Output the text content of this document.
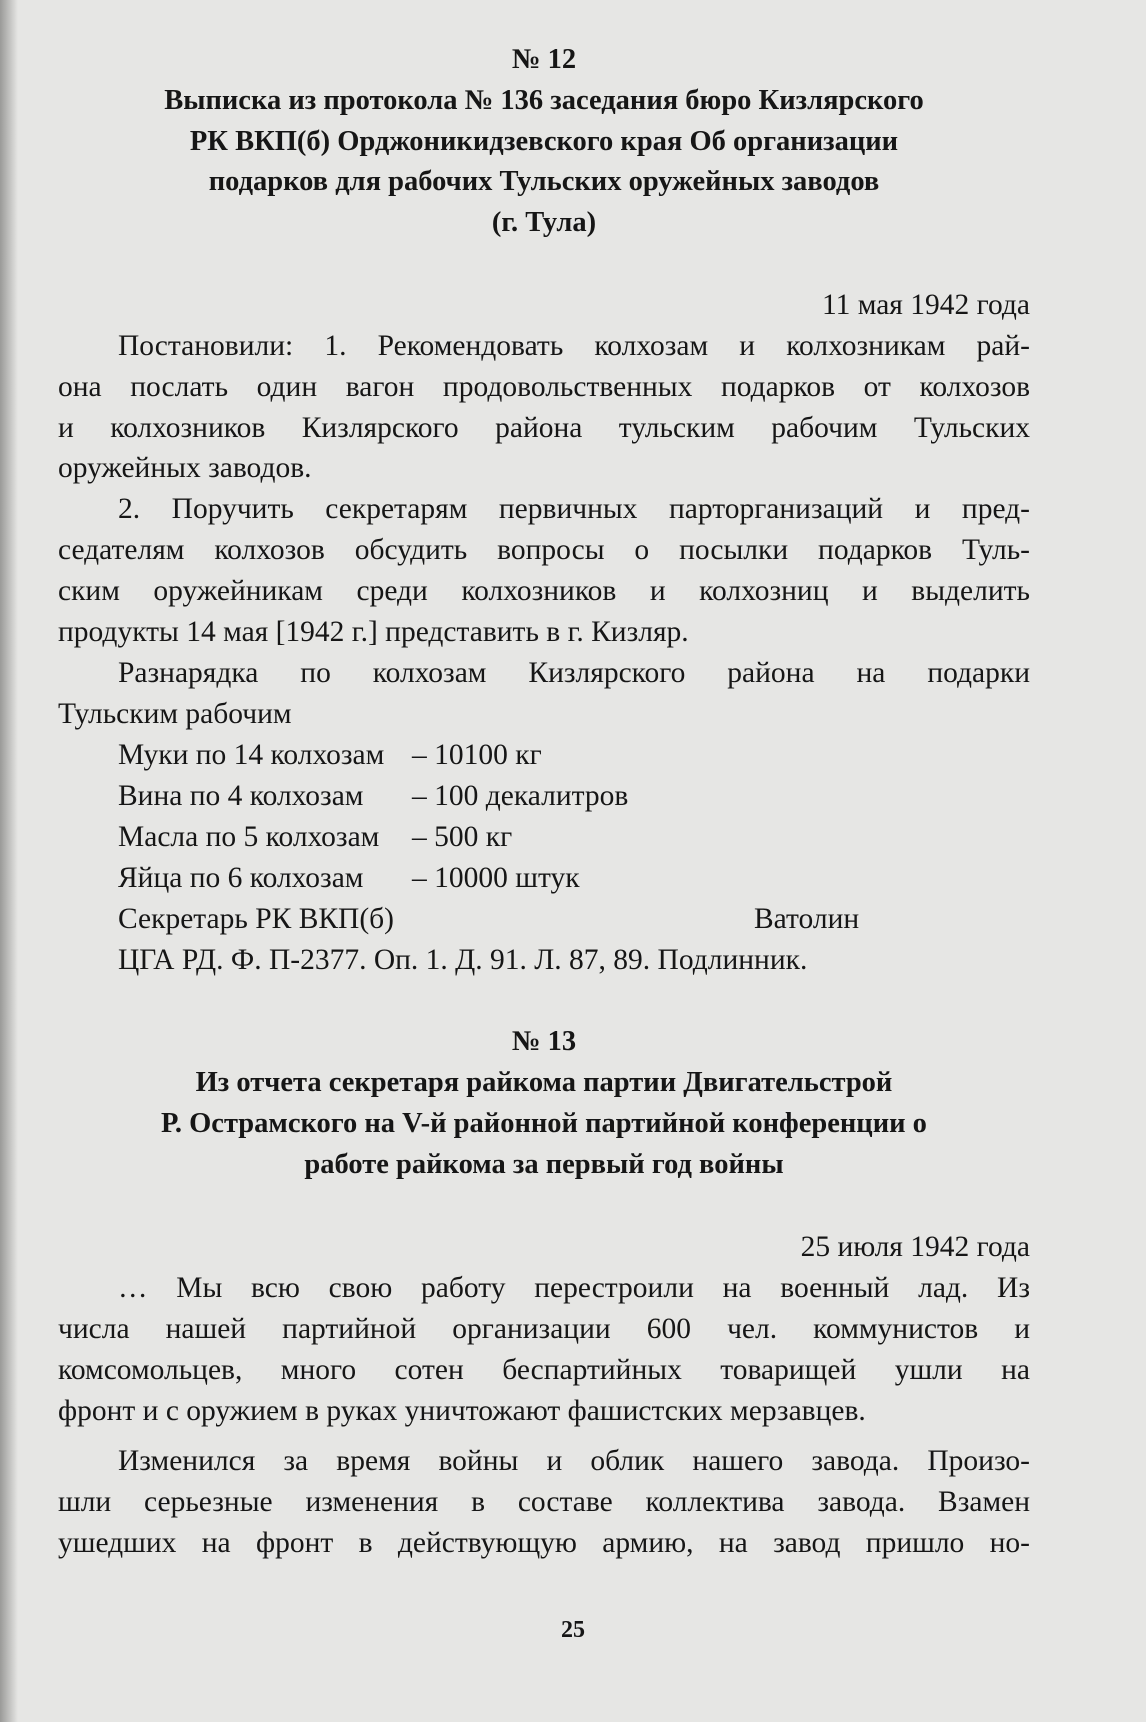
№ 12
Выписка из протокола № 136 заседания бюро Кизлярского
РК ВКП(б) Орджоникидзевского края Об организации
подарков для рабочих Тульских оружейных заводов
(г. Тула)
11 мая 1942 года
Постановили: 1. Рекомендовать колхозам и колхозникам рай-
она послать один вагон продовольственных подарков от колхозов
и колхозников Кизлярского района тульским рабочим Тульских
оружейных заводов.
2. Поручить секретарям первичных парторганизаций и пред-
седателям колхозов обсудить вопросы о посылки подарков Туль-
ским оружейникам среди колхозников и колхозниц и выделить
продукты 14 мая [1942 г.] представить в г. Кизляр.
Разнарядка по колхозам Кизлярского района на подарки
Тульским рабочим
Муки по 14 колхозам – 10100 кг
Вина по 4 колхозам – 100 декалитров
Масла по 5 колхозам – 500 кг
Яйца по 6 колхозам – 10000 штук
Секретарь РК ВКП(б)	Ватолин
ЦГА РД. Ф. П-2377. Оп. 1. Д. 91. Л. 87, 89. Подлинник.
№ 13
Из отчета секретаря райкома партии Двигательстрой
Р. Острамского на V-й районной партийной конференции о
работе райкома за первый год войны
25 июля 1942 года
… Мы всю свою работу перестроили на военный лад. Из
числа нашей партийной организации 600 чел. коммунистов и
комсомольцев, много сотен беспартийных товарищей ушли на
фронт и с оружием в руках уничтожают фашистских мерзавцев.
Изменился за время войны и облик нашего завода. Произо-
шли серьезные изменения в составе коллектива завода. Взамен
ушедших на фронт в действующую армию, на завод пришло но-
25
